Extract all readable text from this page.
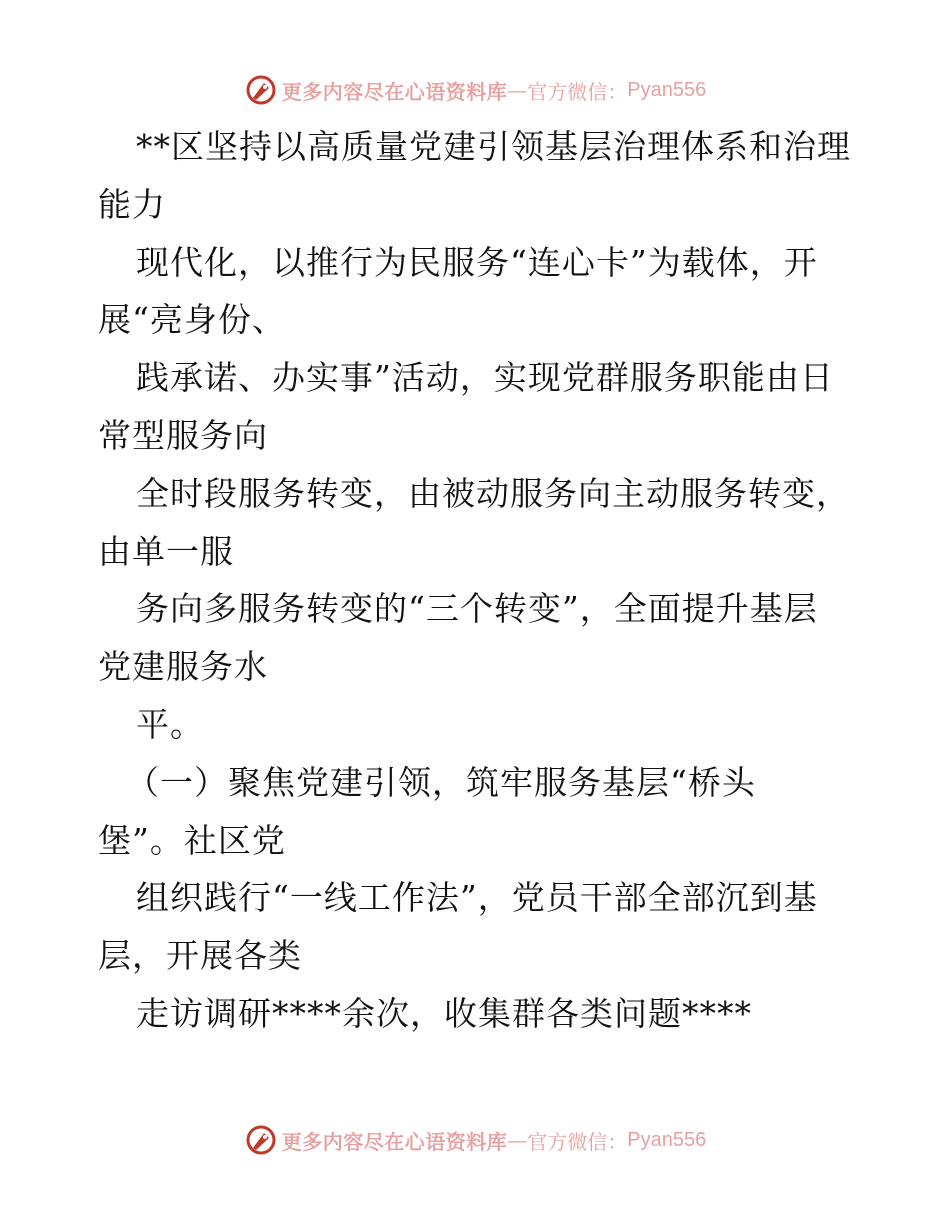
更多内容尽在心语资料库 — 官方微信： Pyan556
**区坚持以高质量党建引领基层治理体系和治理
能力
现代化，以推行为民服务“连心卡”为载体，开
展“亮身份、
践承诺、办实事”活动，实现党群服务职能由日
常型服务向
全时段服务转变，由被动服务向主动服务转变，
由单一服
务向多服务转变的“三个转变”，全面提升基层
党建服务水
平。
（一）聚焦党建引领，筑牢服务基层“桥头
堡”。社区党
组织践行“一线工作法”，党员干部全部沉到基
层，开展各类
走访调研****余次，收集群各类问题****
更多内容尽在心语资料库 — 官方微信： Pyan556
